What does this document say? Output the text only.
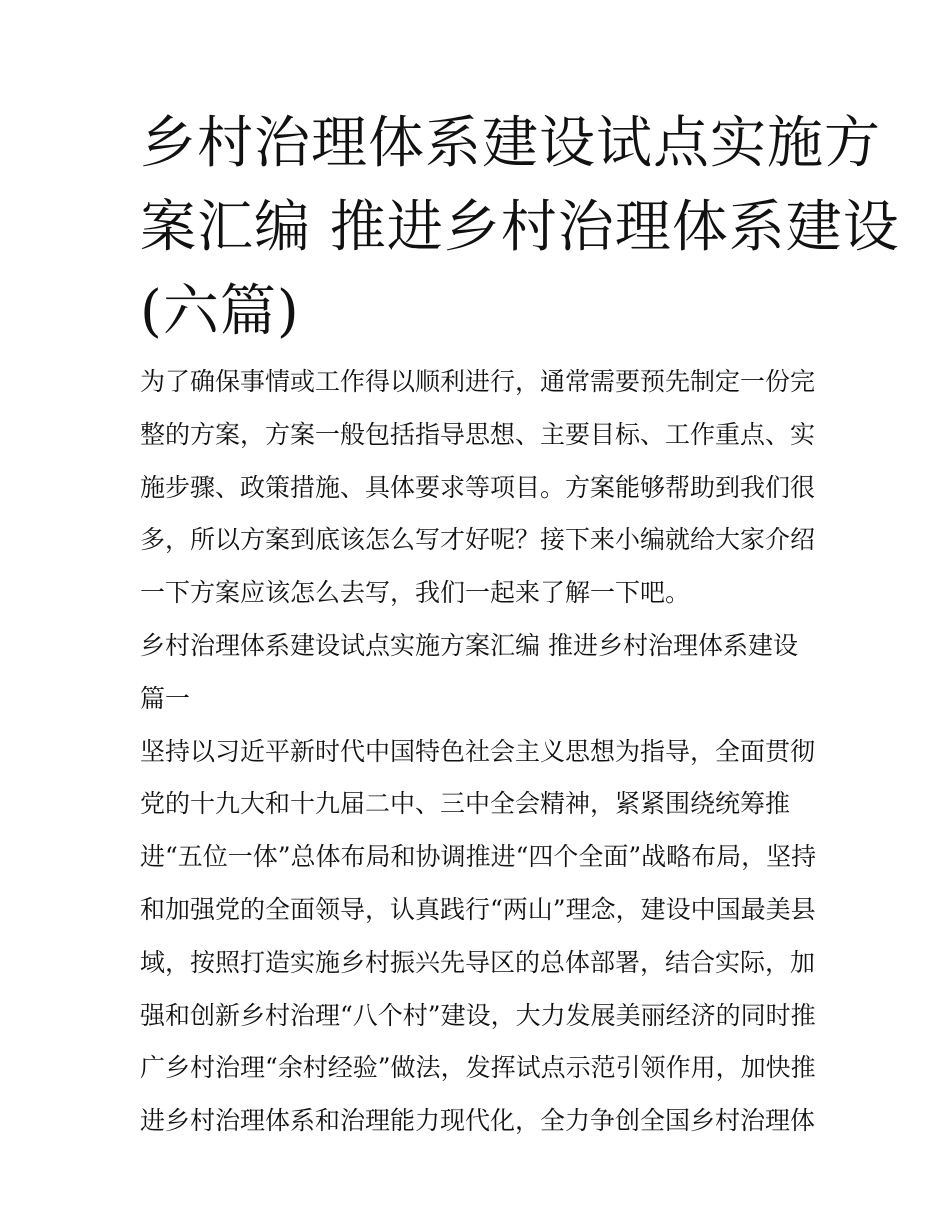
乡村治理体系建设试点实施方
案汇编 推进乡村治理体系建设
(六篇)
为了确保事情或工作得以顺利进行，通常需要预先制定一份完
整的方案，方案一般包括指导思想、主要目标、工作重点、实
施步骤、政策措施、具体要求等项目。方案能够帮助到我们很
多，所以方案到底该怎么写才好呢？接下来小编就给大家介绍
一下方案应该怎么去写，我们一起来了解一下吧。
乡村治理体系建设试点实施方案汇编 推进乡村治理体系建设
篇一
坚持以习近平新时代中国特色社会主义思想为指导，全面贯彻
党的十九大和十九届二中、三中全会精神，紧紧围绕统筹推
进“五位一体”总体布局和协调推进“四个全面”战略布局，坚持
和加强党的全面领导，认真践行“两山”理念，建设中国最美县
域，按照打造实施乡村振兴先导区的总体部署，结合实际，加
强和创新乡村治理“八个村”建设，大力发展美丽经济的同时推
广乡村治理“余村经验”做法，发挥试点示范引领作用，加快推
进乡村治理体系和治理能力现代化，全力争创全国乡村治理体
